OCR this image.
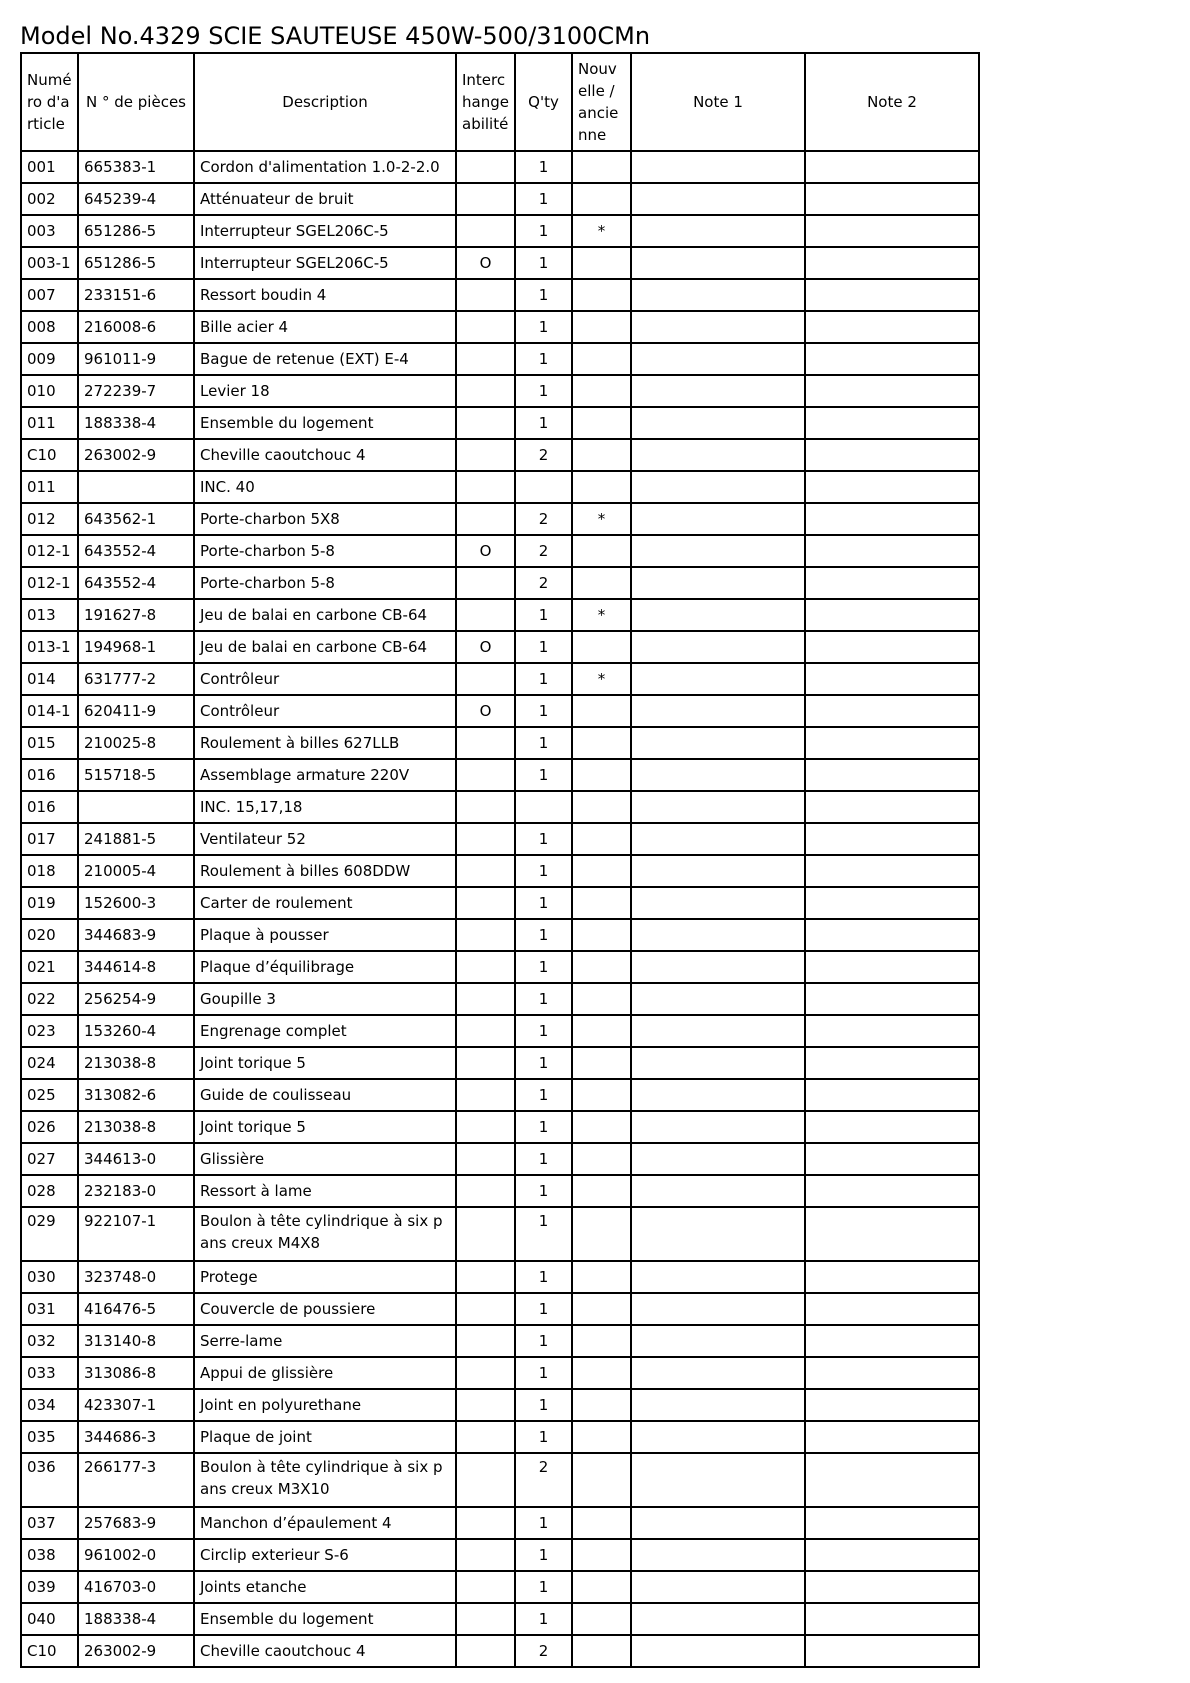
Model No.4329 SCIE SAUTEUSE 450W-500/3100CMn
Numéro d'article	N ° de pièces	Description	Interchangeabilité	Q'ty	Nouvelle / ancienne	Note 1	Note 2
001	665383-1	Cordon d'alimentation 1.0-2-2.0		1			
002	645239-4	Atténuateur de bruit		1			
003	651286-5	Interrupteur SGEL206C-5		1	*		
003-1	651286-5	Interrupteur SGEL206C-5	O	1			
007	233151-6	Ressort boudin 4		1			
008	216008-6	Bille acier 4		1			
009	961011-9	Bague de retenue (EXT) E-4		1			
010	272239-7	Levier 18		1			
011	188338-4	Ensemble du logement		1			
C10	263002-9	Cheville caoutchouc 4		2			
011		INC. 40					
012	643562-1	Porte-charbon 5X8		2	*		
012-1	643552-4	Porte-charbon 5-8	O	2			
012-1	643552-4	Porte-charbon 5-8		2			
013	191627-8	Jeu de balai en carbone CB-64		1	*		
013-1	194968-1	Jeu de balai en carbone CB-64	O	1			
014	631777-2	Contrôleur		1	*		
014-1	620411-9	Contrôleur	O	1			
015	210025-8	Roulement à billes 627LLB		1			
016	515718-5	Assemblage armature 220V		1			
016		INC. 15,17,18					
017	241881-5	Ventilateur 52		1			
018	210005-4	Roulement à billes 608DDW		1			
019	152600-3	Carter de roulement		1			
020	344683-9	Plaque à pousser		1			
021	344614-8	Plaque d’équilibrage		1			
022	256254-9	Goupille 3		1			
023	153260-4	Engrenage complet		1			
024	213038-8	Joint torique 5		1			
025	313082-6	Guide de coulisseau		1			
026	213038-8	Joint torique 5		1			
027	344613-0	Glissière		1			
028	232183-0	Ressort à lame		1			
029	922107-1	Boulon à tête cylindrique à six pans creux M4X8		1			
030	323748-0	Protege		1			
031	416476-5	Couvercle de poussiere		1			
032	313140-8	Serre-lame		1			
033	313086-8	Appui de glissière		1			
034	423307-1	Joint en polyurethane		1			
035	344686-3	Plaque de joint		1			
036	266177-3	Boulon à tête cylindrique à six pans creux M3X10		2			
037	257683-9	Manchon d’épaulement 4		1			
038	961002-0	Circlip exterieur S-6		1			
039	416703-0	Joints etanche		1			
040	188338-4	Ensemble du logement		1			
C10	263002-9	Cheville caoutchouc 4		2			
